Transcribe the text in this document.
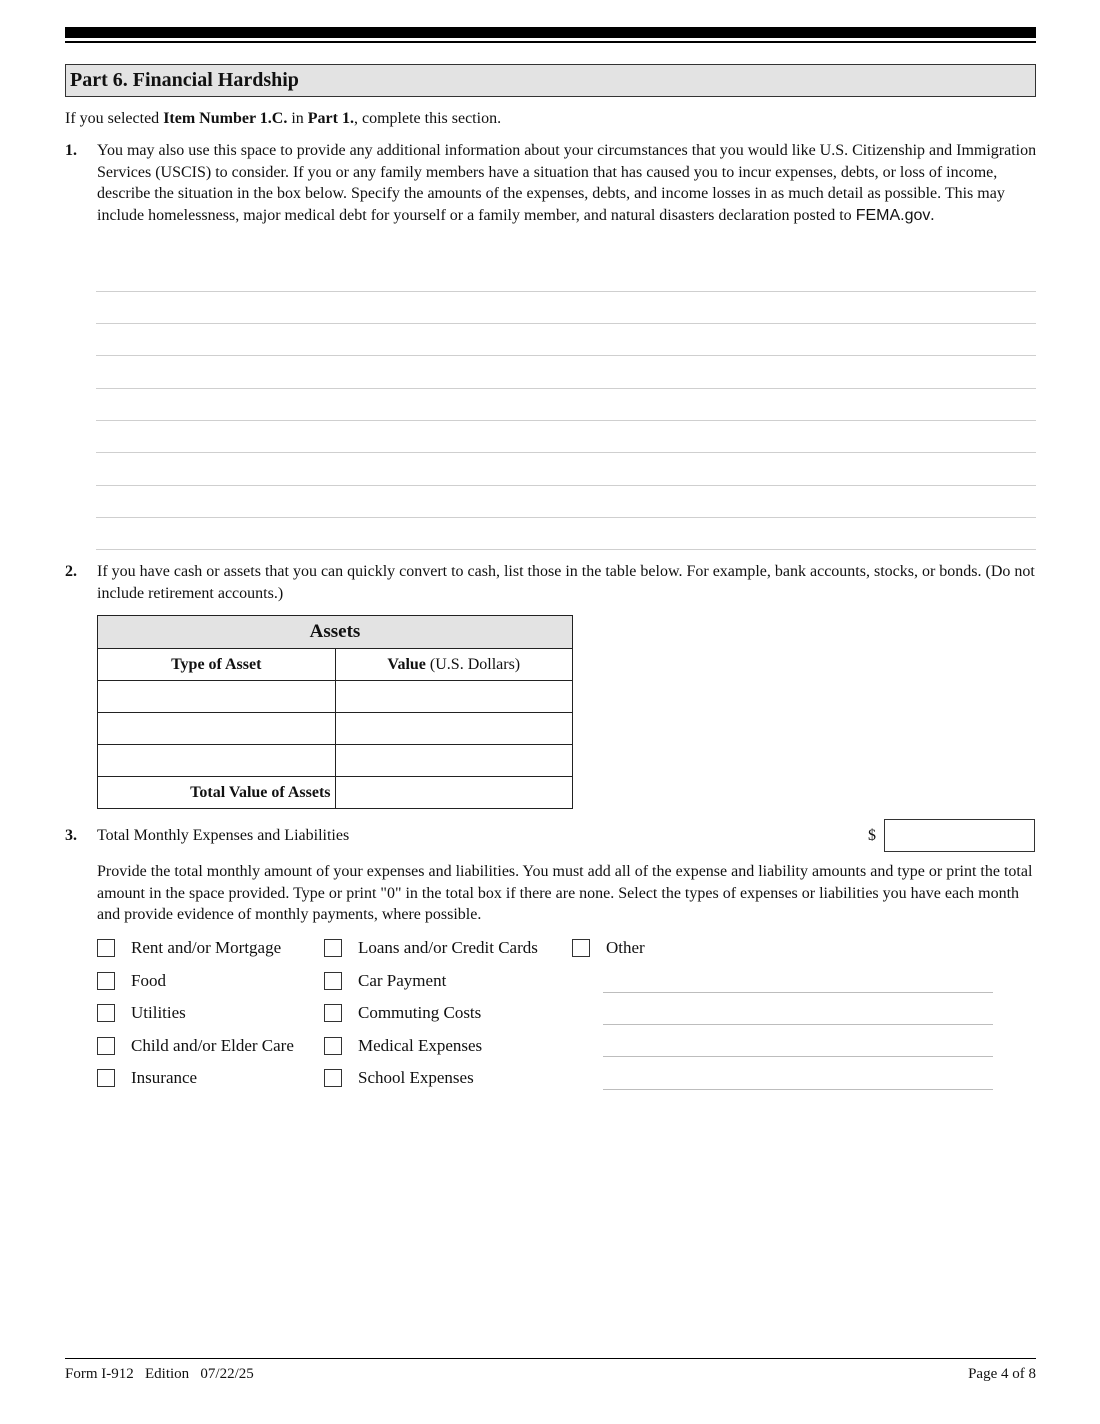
Part 6. Financial Hardship
If you selected Item Number 1.C. in Part 1., complete this section.
1. You may also use this space to provide any additional information about your circumstances that you would like U.S. Citizenship and Immigration Services (USCIS) to consider. If you or any family members have a situation that has caused you to incur expenses, debts, or loss of income, describe the situation in the box below. Specify the amounts of the expenses, debts, and income losses in as much detail as possible. This may include homelessness, major medical debt for yourself or a family member, and natural disasters declaration posted to FEMA.gov.
2. If you have cash or assets that you can quickly convert to cash, list those in the table below. For example, bank accounts, stocks, or bonds. (Do not include retirement accounts.)
Assets	
Type of Asset	Value (U.S. Dollars)

Total Value of Assets	
3. Total Monthly Expenses and Liabilities	$
Provide the total monthly amount of your expenses and liabilities. You must add all of the expense and liability amounts and type or print the total amount in the space provided. Type or print "0" in the total box if there are none. Select the types of expenses or liabilities you have each month and provide evidence of monthly payments, where possible.
Rent and/or Mortgage
Food
Utilities
Child and/or Elder Care
Insurance
Loans and/or Credit Cards
Car Payment
Commuting Costs
Medical Expenses
School Expenses
Other
Form I-912   Edition   07/22/25	Page 4 of 8
